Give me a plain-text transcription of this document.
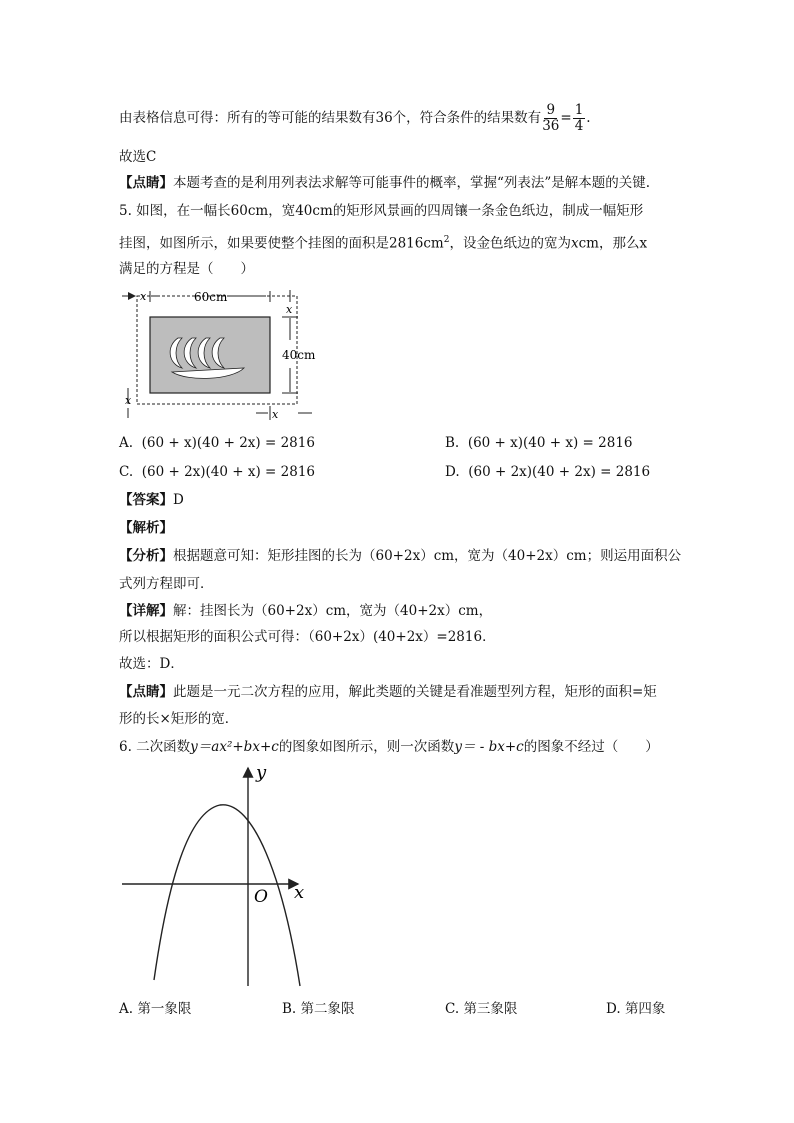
由表格信息可得：所有的等可能的结果数有36个，符合条件的结果数有 $\frac{9}{36} = \frac{1}{4}$ .
故选C
【点睛】本题考查的是利用列表法求解等可能事件的概率，掌握“列表法”是解本题的关键.
5. 如图，在一幅长60cm，宽40cm的矩形风景画的四周镶一条金色纸边，制成一幅矩形
挂图，如图所示，如果要使整个挂图的面积是$2816cm^2$，设金色纸边的宽为xcm，那么x
满足的方程是（　　）
x	60cm
x
40cm
x
x
A. (60 + x)(40 + 2x) = 2816	B. (60 + x)(40 + x) = 2816
C. (60 + 2x)(40 + x) = 2816	D. (60 + 2x)(40 + 2x) = 2816
【答案】D
【解析】
【分析】根据题意可知：矩形挂图的长为（60+2x）cm，宽为（40+2x）cm；则运用面积公
式列方程即可．
【详解】解：挂图长为（60+2x）cm，宽为（40+2x）cm，
所以根据矩形的面积公式可得：（60+2x）(40+2x）=2816．
故选：D．
【点睛】此题是一元二次方程的应用，解此类题的关键是看准题型列方程，矩形的面积=矩
形的长×矩形的宽．
6. 二次函数y＝ax²+bx+c的图象如图所示，则一次函数y＝ - bx+c的图象不经过（　　）
y
x
O
A. 第一象限	B. 第二象限	C. 第三象限	D. 第四象
